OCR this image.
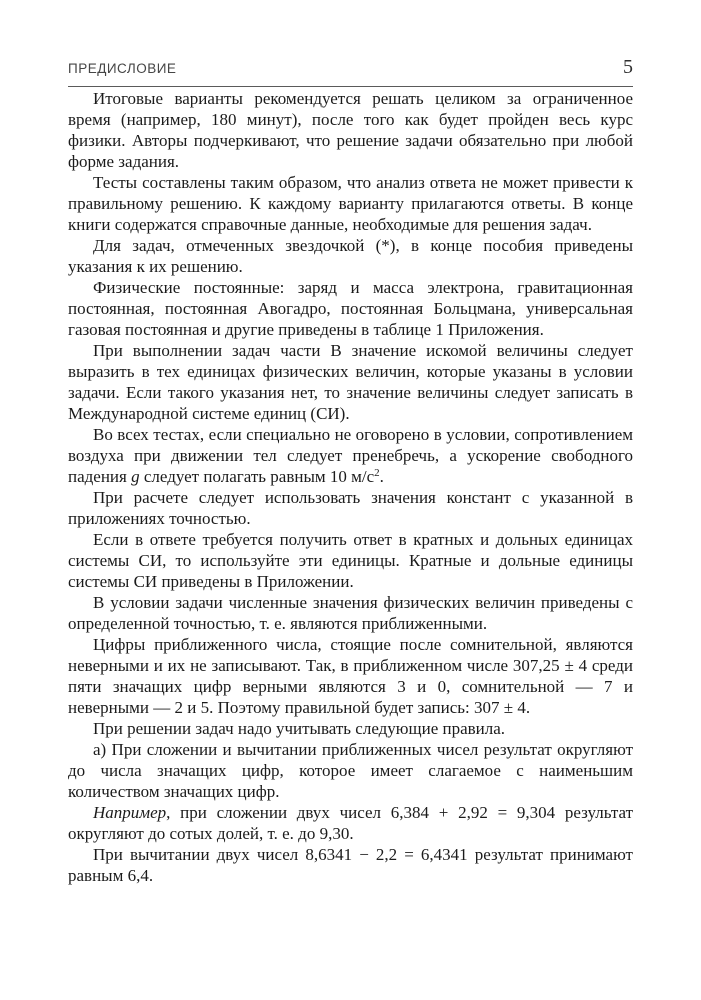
ПРЕДИСЛОВИЕ	5

Итоговые варианты рекомендуется решать целиком за ограниченное время (например, 180 минут), после того как будет пройден весь курс физики. Авторы подчеркивают, что решение задачи обязательно при любой форме задания.

Тесты составлены таким образом, что анализ ответа не может привести к правильному решению. К каждому варианту прилагаются ответы. В конце книги содержатся справочные данные, необходимые для решения задач.

Для задач, отмеченных звездочкой (*), в конце пособия приведены указания к их решению.

Физические постоянные: заряд и масса электрона, гравитационная постоянная, постоянная Авогадро, постоянная Больцмана, универсальная газовая постоянная и другие приведены в таблице 1 Приложения.

При выполнении задач части В значение искомой величины следует выразить в тех единицах физических величин, которые указаны в условии задачи. Если такого указания нет, то значение величины следует записать в Международной системе единиц (СИ).

Во всех тестах, если специально не оговорено в условии, сопротивлением воздуха при движении тел следует пренебречь, а ускорение свободного падения g следует полагать равным 10 $м/с^2$.

При расчете следует использовать значения констант с указанной в приложениях точностью.

Если в ответе требуется получить ответ в кратных и дольных единицах системы СИ, то используйте эти единицы. Кратные и дольные единицы системы СИ приведены в Приложении.

В условии задачи численные значения физических величин приведены с определенной точностью, т. е. являются приближенными.

Цифры приближенного числа, стоящие после сомнительной, являются неверными и их не записывают. Так, в приближенном числе 307,25 ± 4 среди пяти значащих цифр верными являются 3 и 0, сомнительной — 7 и неверными — 2 и 5. Поэтому правильной будет запись: 307 ± 4.

При решении задач надо учитывать следующие правила.

а) При сложении и вычитании приближенных чисел результат округляют до числа значащих цифр, которое имеет слагаемое с наименьшим количеством значащих цифр.

Например, при сложении двух чисел 6,384 + 2,92 = 9,304 результат округляют до сотых долей, т. е. до 9,30.

При вычитании двух чисел 8,6341 − 2,2 = 6,4341 результат принимают равным 6,4.
